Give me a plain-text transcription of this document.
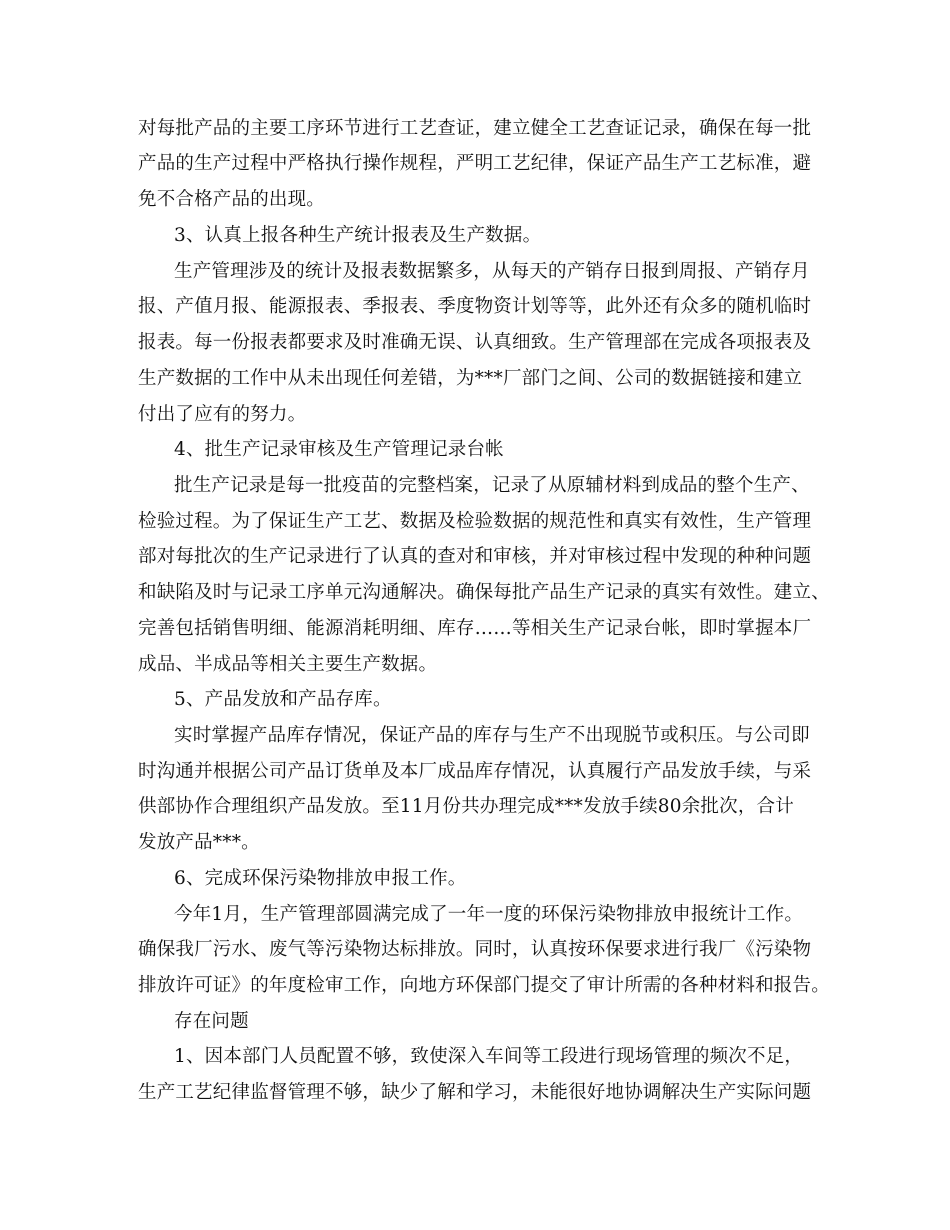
对每批产品的主要工序环节进行工艺查证，建立健全工艺查证记录，确保在每一批
产品的生产过程中严格执行操作规程，严明工艺纪律，保证产品生产工艺标准，避
免不合格产品的出现。
3、认真上报各种生产统计报表及生产数据。
生产管理涉及的统计及报表数据繁多，从每天的产销存日报到周报、产销存月
报、产值月报、能源报表、季报表、季度物资计划等等，此外还有众多的随机临时
报表。每一份报表都要求及时准确无误、认真细致。生产管理部在完成各项报表及
生产数据的工作中从未出现任何差错，为***厂部门之间、公司的数据链接和建立
付出了应有的努力。
4、批生产记录审核及生产管理记录台帐
批生产记录是每一批疫苗的完整档案，记录了从原辅材料到成品的整个生产、
检验过程。为了保证生产工艺、数据及检验数据的规范性和真实有效性，生产管理
部对每批次的生产记录进行了认真的查对和审核，并对审核过程中发现的种种问题
和缺陷及时与记录工序单元沟通解决。确保每批产品生产记录的真实有效性。建立、
完善包括销售明细、能源消耗明细、库存……等相关生产记录台帐，即时掌握本厂
成品、半成品等相关主要生产数据。
5、产品发放和产品存库。
实时掌握产品库存情况，保证产品的库存与生产不出现脱节或积压。与公司即
时沟通并根据公司产品订货单及本厂成品库存情况，认真履行产品发放手续，与采
供部协作合理组织产品发放。至11月份共办理完成***发放手续80余批次，合计
发放产品***。
6、完成环保污染物排放申报工作。
今年1月，生产管理部圆满完成了一年一度的环保污染物排放申报统计工作。
确保我厂污水、废气等污染物达标排放。同时，认真按环保要求进行我厂《污染物
排放许可证》的年度检审工作，向地方环保部门提交了审计所需的各种材料和报告。
存在问题
1、因本部门人员配置不够，致使深入车间等工段进行现场管理的频次不足，
生产工艺纪律监督管理不够，缺少了解和学习，未能很好地协调解决生产实际问题
